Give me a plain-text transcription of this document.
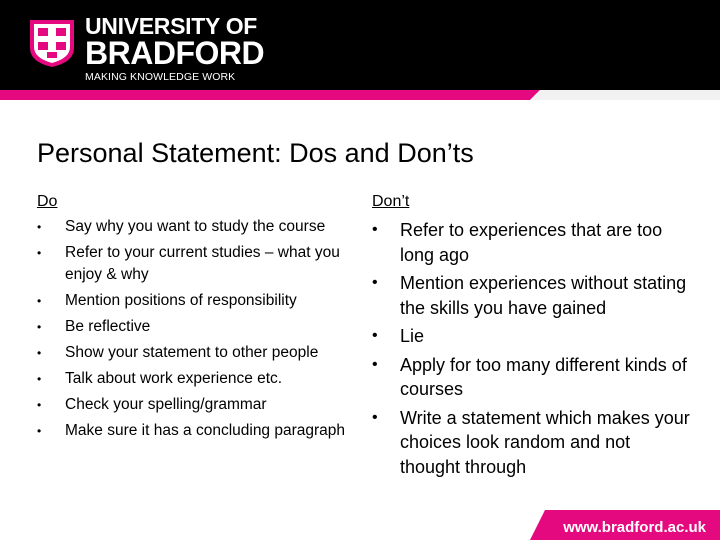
UNIVERSITY OF
BRADFORD
MAKING KNOWLEDGE WORK
Personal Statement: Dos and Don’ts
Do
• Say why you want to study the course
• Refer to your current studies – what you enjoy & why
• Mention positions of responsibility
• Be reflective
• Show your statement to other people
• Talk about work experience etc.
• Check your spelling/grammar
• Make sure it has a concluding paragraph
Don’t
• Refer to experiences that are too long ago
• Mention experiences without stating the skills you have gained
• Lie
• Apply for too many different kinds of courses
• Write a statement which makes your choices look random and not thought through
www.bradford.ac.uk
